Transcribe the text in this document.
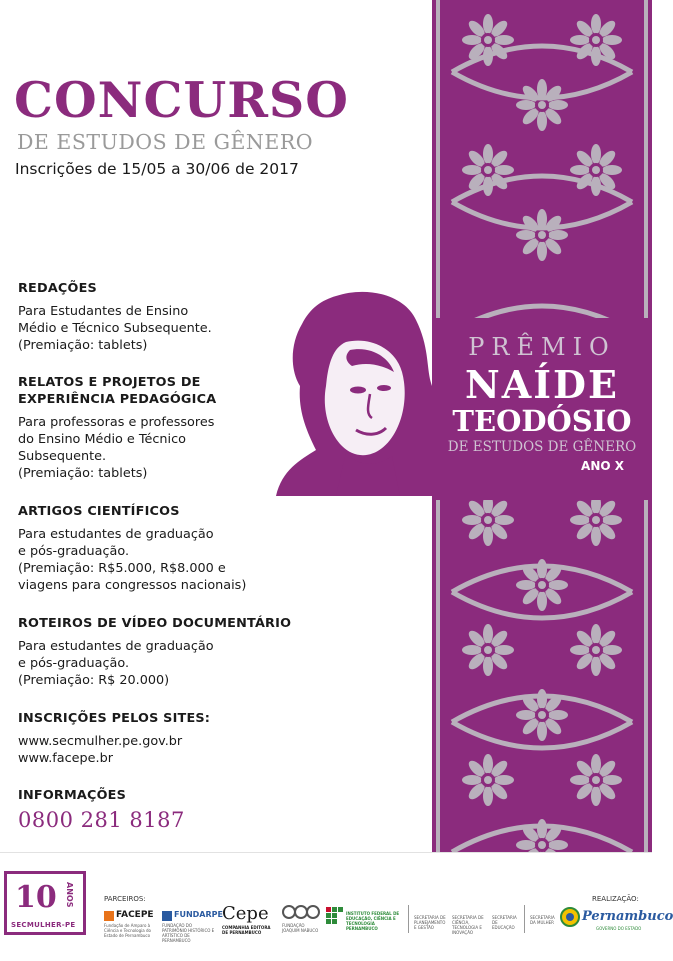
CONCURSO
DE ESTUDOS DE GÊNERO
Inscrições de 15/05 a 30/06 de 2017
REDAÇÕES
Para Estudantes de Ensino
Médio e Técnico Subsequente.
(Premiação: tablets)
RELATOS E PROJETOS DE
EXPERIÊNCIA PEDAGÓGICA
Para professoras e professores
do Ensino Médio e Técnico
Subsequente.
(Premiação: tablets)
ARTIGOS CIENTÍFICOS
Para estudantes de graduação
e pós-graduação.
(Premiação: R$5.000, R$8.000 e
viagens para congressos nacionais)
ROTEIROS DE VÍDEO DOCUMENTÁRIO
Para estudantes de graduação
e pós-graduação.
(Premiação: R$ 20.000)
INSCRIÇÕES PELOS SITES:
www.secmulher.pe.gov.br
www.facepe.br
INFORMAÇÕES
0800 281 8187
PRÊMIO
NAÍDE
TEODÓSIO
DE ESTUDOS DE GÊNERO
ANO X
10 ANOS
SECMULHER-PE
PARCEIROS:	REALIZAÇÃO:
FACEPE
Fundação de Amparo à Ciência e Tecnologia do Estado de Pernambuco
FUNDARPE
FUNDAÇÃO DO PATRIMÔNIO HISTÓRICO E ARTÍSTICO DE PERNAMBUCO
Cepe
COMPANHIA EDITORA DE PERNAMBUCO
FUNDAÇÃO JOAQUIM NABUCO
INSTITUTO FEDERAL DE EDUCAÇÃO, CIÊNCIA E TECNOLOGIA PERNAMBUCO
SECRETARIA DE PLANEJAMENTO E GESTÃO
SECRETARIA DE CIÊNCIA, TECNOLOGIA E INOVAÇÃO
SECRETARIA DE EDUCAÇÃO
SECRETARIA DA MULHER Pernambuco
GOVERNO DO ESTADO
